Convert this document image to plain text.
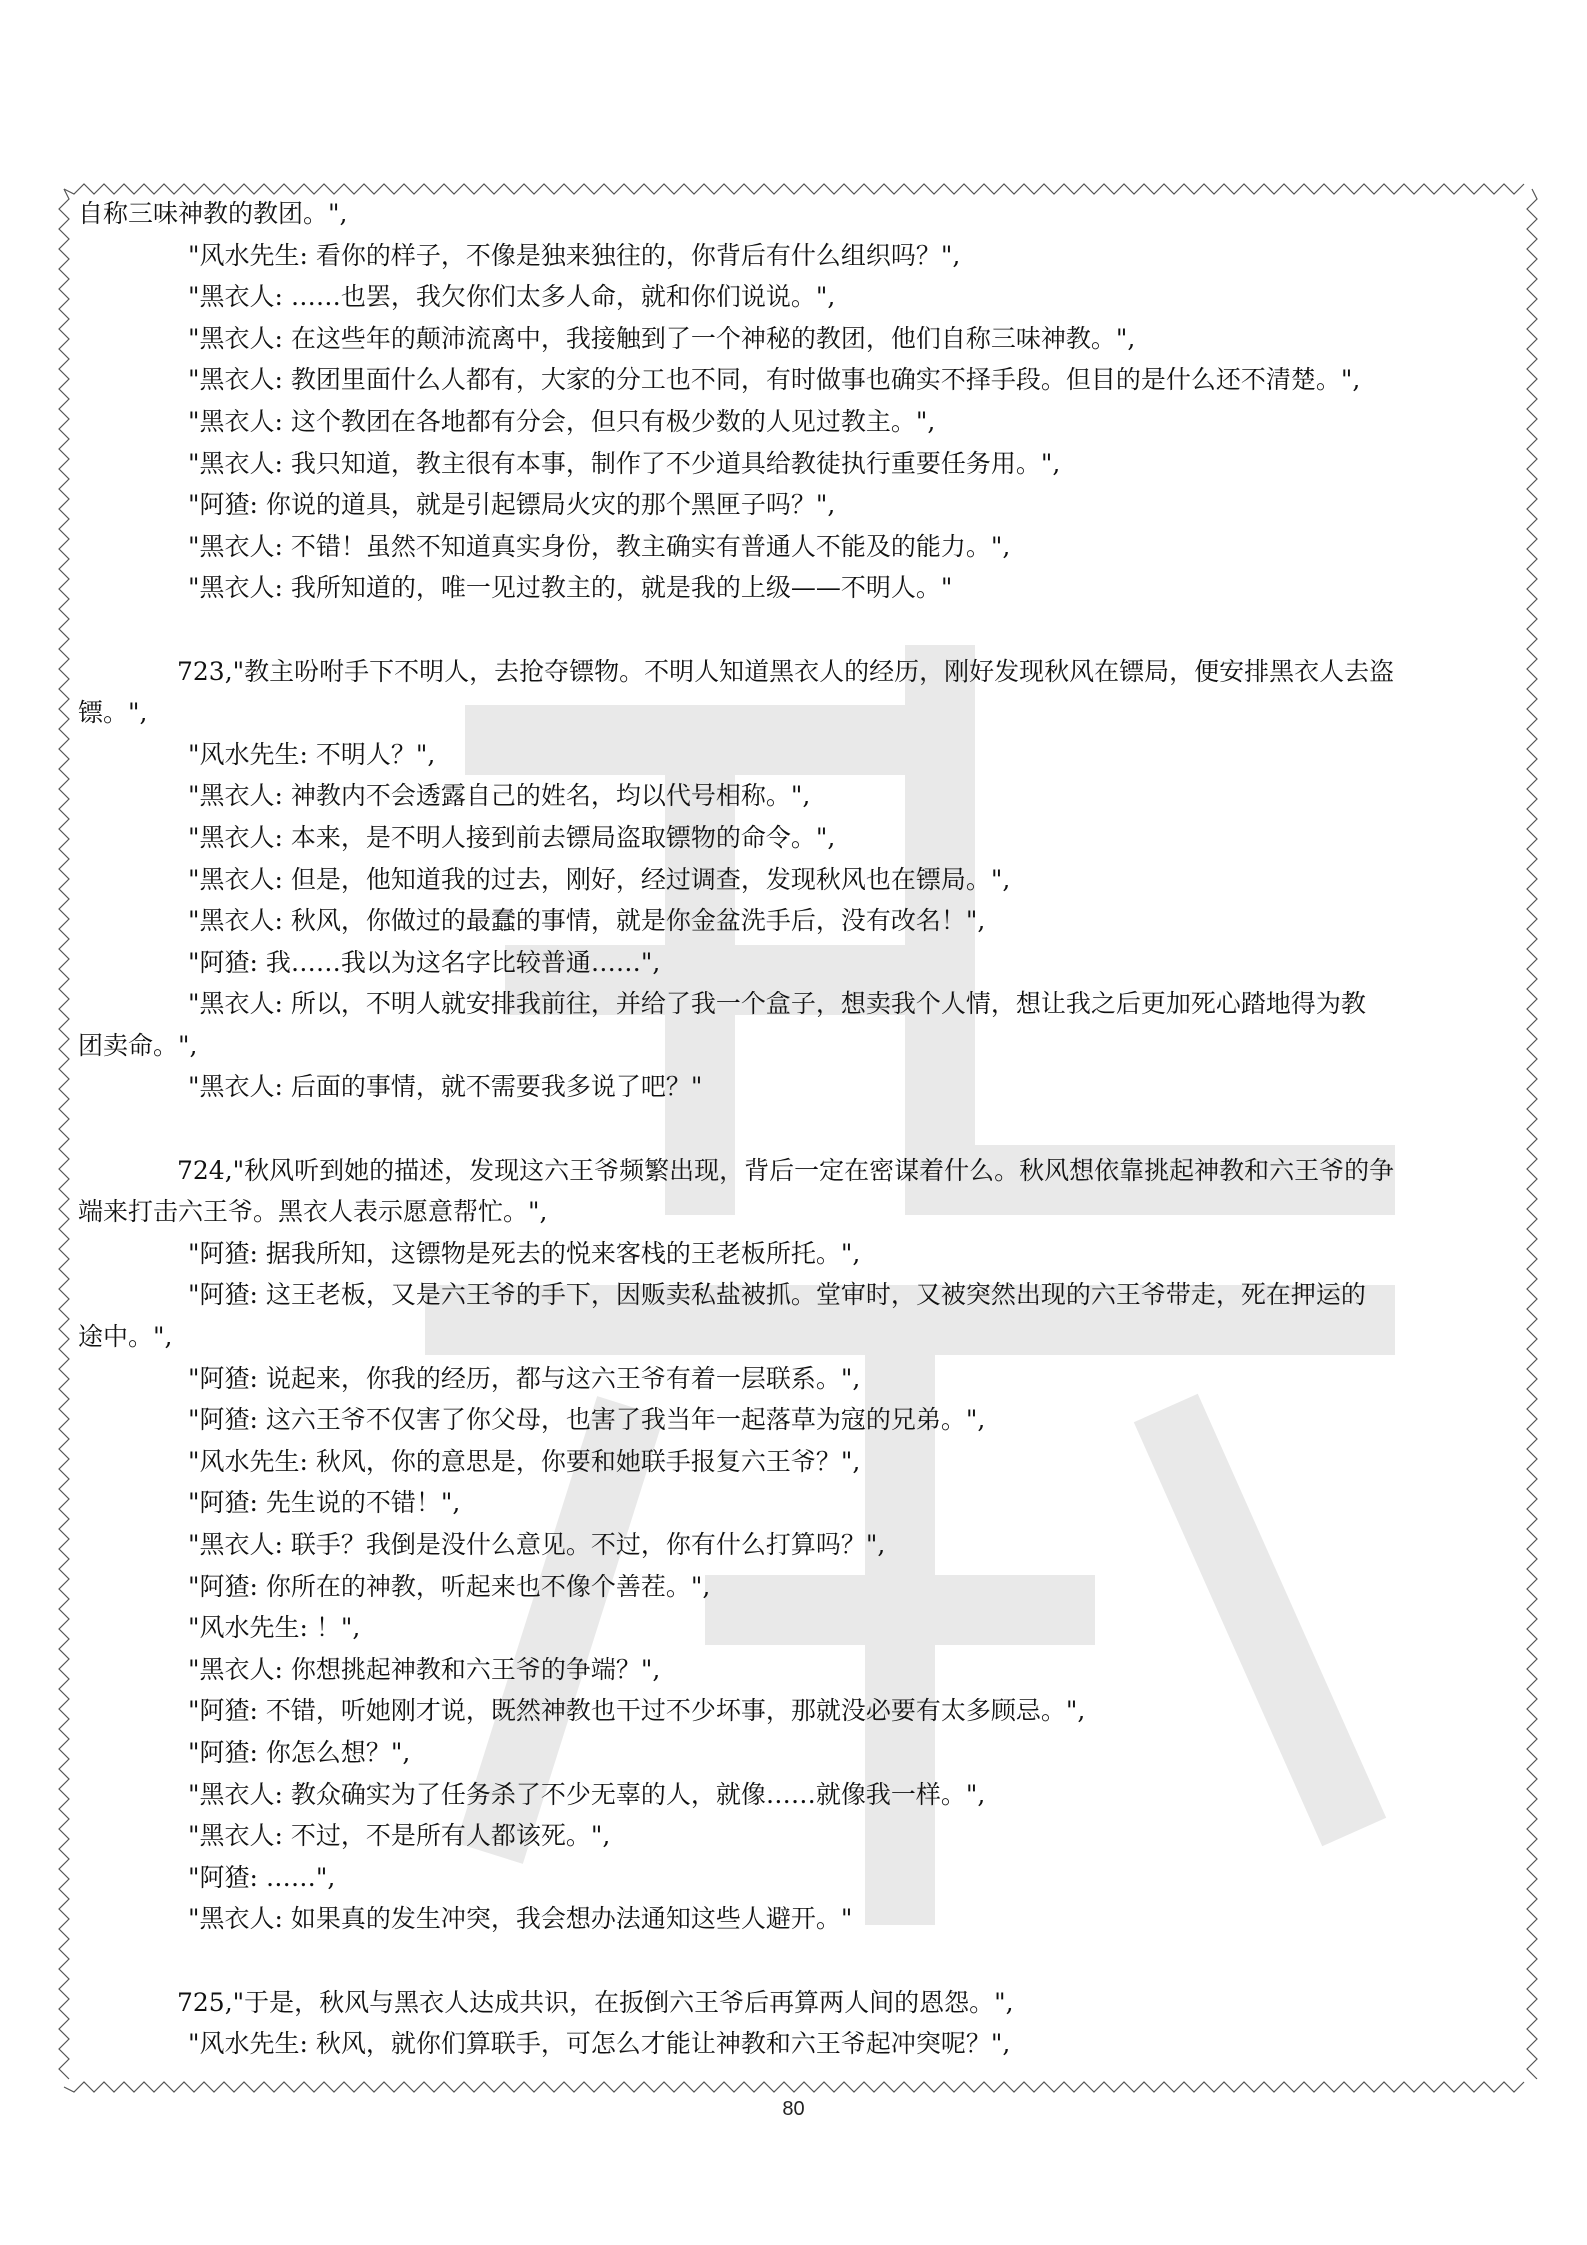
自称三味神教的教团。",
"风水先生: 看你的样子，不像是独来独往的，你背后有什么组织吗？",
"黑衣人: ……也罢，我欠你们太多人命，就和你们说说。",
"黑衣人: 在这些年的颠沛流离中，我接触到了一个神秘的教团，他们自称三味神教。",
"黑衣人: 教团里面什么人都有，大家的分工也不同，有时做事也确实不择手段。但目的是什么还不清楚。",
"黑衣人: 这个教团在各地都有分会，但只有极少数的人见过教主。",
"黑衣人: 我只知道，教主很有本事，制作了不少道具给教徒执行重要任务用。",
"阿猹: 你说的道具，就是引起镖局火灾的那个黑匣子吗？",
"黑衣人: 不错！虽然不知道真实身份，教主确实有普通人不能及的能力。",
"黑衣人: 我所知道的，唯一见过教主的，就是我的上级——不明人。"
723,"教主吩咐手下不明人，去抢夺镖物。不明人知道黑衣人的经历，刚好发现秋风在镖局，便安排黑衣人去盗
镖。",
"风水先生: 不明人？",
"黑衣人: 神教内不会透露自己的姓名，均以代号相称。",
"黑衣人: 本来，是不明人接到前去镖局盗取镖物的命令。",
"黑衣人: 但是，他知道我的过去，刚好，经过调查，发现秋风也在镖局。",
"黑衣人: 秋风，你做过的最蠢的事情，就是你金盆洗手后，没有改名！",
"阿猹: 我……我以为这名字比较普通……",
"黑衣人: 所以，不明人就安排我前往，并给了我一个盒子，想卖我个人情，想让我之后更加死心踏地得为教
团卖命。",
"黑衣人: 后面的事情，就不需要我多说了吧？"
724,"秋风听到她的描述，发现这六王爷频繁出现，背后一定在密谋着什么。秋风想依靠挑起神教和六王爷的争
端来打击六王爷。黑衣人表示愿意帮忙。",
"阿猹: 据我所知，这镖物是死去的悦来客栈的王老板所托。",
"阿猹: 这王老板，又是六王爷的手下，因贩卖私盐被抓。堂审时，又被突然出现的六王爷带走，死在押运的
途中。",
"阿猹: 说起来，你我的经历，都与这六王爷有着一层联系。",
"阿猹: 这六王爷不仅害了你父母，也害了我当年一起落草为寇的兄弟。",
"风水先生: 秋风，你的意思是，你要和她联手报复六王爷？",
"阿猹: 先生说的不错！",
"黑衣人: 联手？我倒是没什么意见。不过，你有什么打算吗？",
"阿猹: 你所在的神教，听起来也不像个善茬。",
"风水先生: ！",
"黑衣人: 你想挑起神教和六王爷的争端？",
"阿猹: 不错，听她刚才说，既然神教也干过不少坏事，那就没必要有太多顾忌。",
"阿猹: 你怎么想？",
"黑衣人: 教众确实为了任务杀了不少无辜的人，就像……就像我一样。",
"黑衣人: 不过，不是所有人都该死。",
"阿猹: ……",
"黑衣人: 如果真的发生冲突，我会想办法通知这些人避开。"
725,"于是，秋风与黑衣人达成共识，在扳倒六王爷后再算两人间的恩怨。",
"风水先生: 秋风，就你们算联手，可怎么才能让神教和六王爷起冲突呢？",
80
